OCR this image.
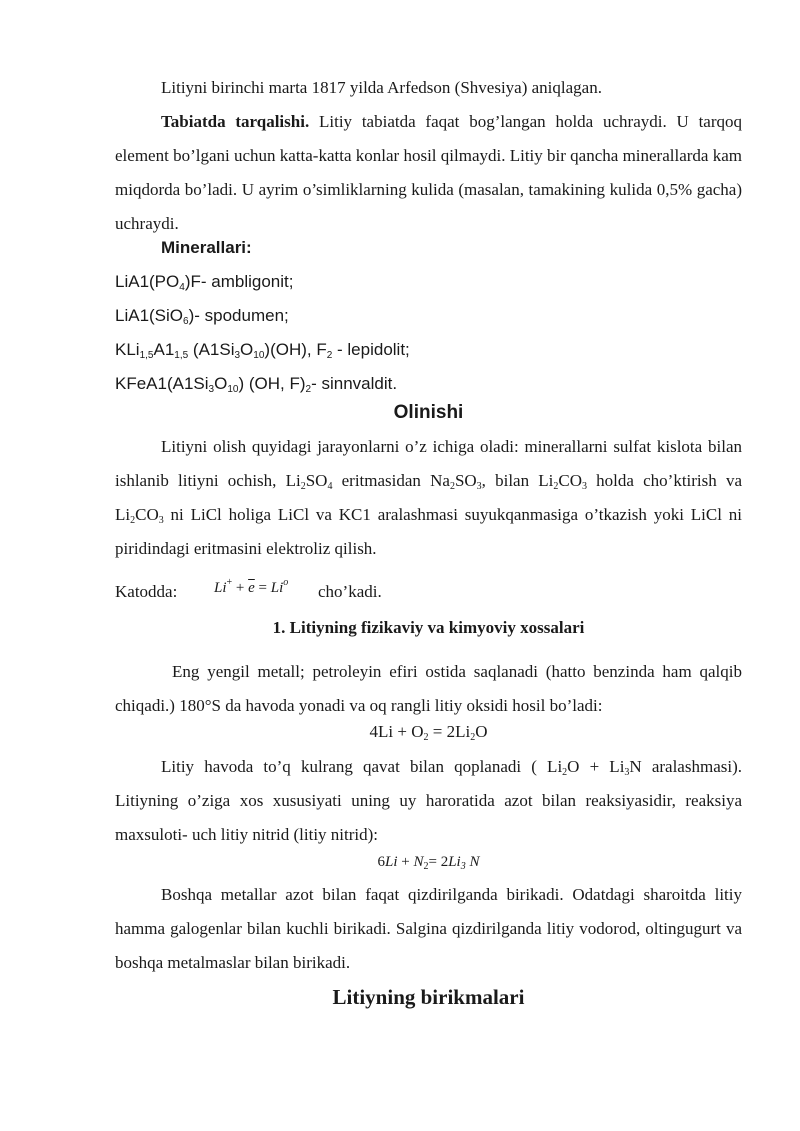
Litiyni birinchi marta 1817 yilda Arfedson (Shvesiya) aniqlagan.

Tabiatda tarqalishi. Litiy tabiatda faqat bog’langan holda uchraydi. U tarqoq element bo’lgani uchun katta-katta konlar hosil qilmaydi. Litiy bir qancha minerallarda kam miqdorda bo’ladi. U ayrim o’simliklarning kulida (masalan, tamakining kulida 0,5% gacha) uchraydi.

Minerallari:

$LiA1(PO_4)F-$ ambligonit;

LiA1(SiO$_6$)- spodumen;

$KLi_{1,5}A1_{1,5}$ $(A1Si_3O_{10})(OH)$, $F_2$ - lepidolit;

$KFeA1(A1Si_3O_{10})$ (OH, $F)_2-$ sinnvaldit.

Olinishi

Litiyni olish quyidagi jarayonlarni o’z ichiga oladi: minerallarni sulfat kislota bilan ishlanib litiyni ochish, $Li_2SO_4$ eritmasidan $Na_2SO_3$, bilan $Li_2CO_3$ holda cho’ktirish va $Li_2CO_3$ ni LiCl holiga LiCl va KC1 aralashmasi suyukqanmasiga o’tkazish yoki LiCl ni piridindagi eritmasini elektroliz qilish.

Katodda: $Li^+ + \overline{e} = Li^o$ cho’kadi.

1. Litiyning fizikaviy va kimyoviy xossalari

Eng yengil metall; petroleyin efiri ostida saqlanadi (hatto benzinda ham qalqib chiqadi.) 180°S da havoda yonadi va oq rangli litiy oksidi hosil bo’ladi:

$4Li + O_2 = 2Li_2O$

Litiy havoda to’q kulrang qavat bilan qoplanadi ( $Li_2O + Li_3N$ aralashmasi). Litiyning o’ziga xos xususiyati uning uy haroratida azot bilan reaksiyasidir, reaksiya maxsuloti- uch litiy nitrid (litiy nitrid):

$6Li + N_2= 2Li_3$ N

Boshqa metallar azot bilan faqat qizdirilganda birikadi. Odatdagi sharoitda litiy hamma galogenlar bilan kuchli birikadi. Salgina qizdirilganda litiy vodorod, oltingugurt va boshqa metalmaslar bilan birikadi.

Litiyning birikmalari
